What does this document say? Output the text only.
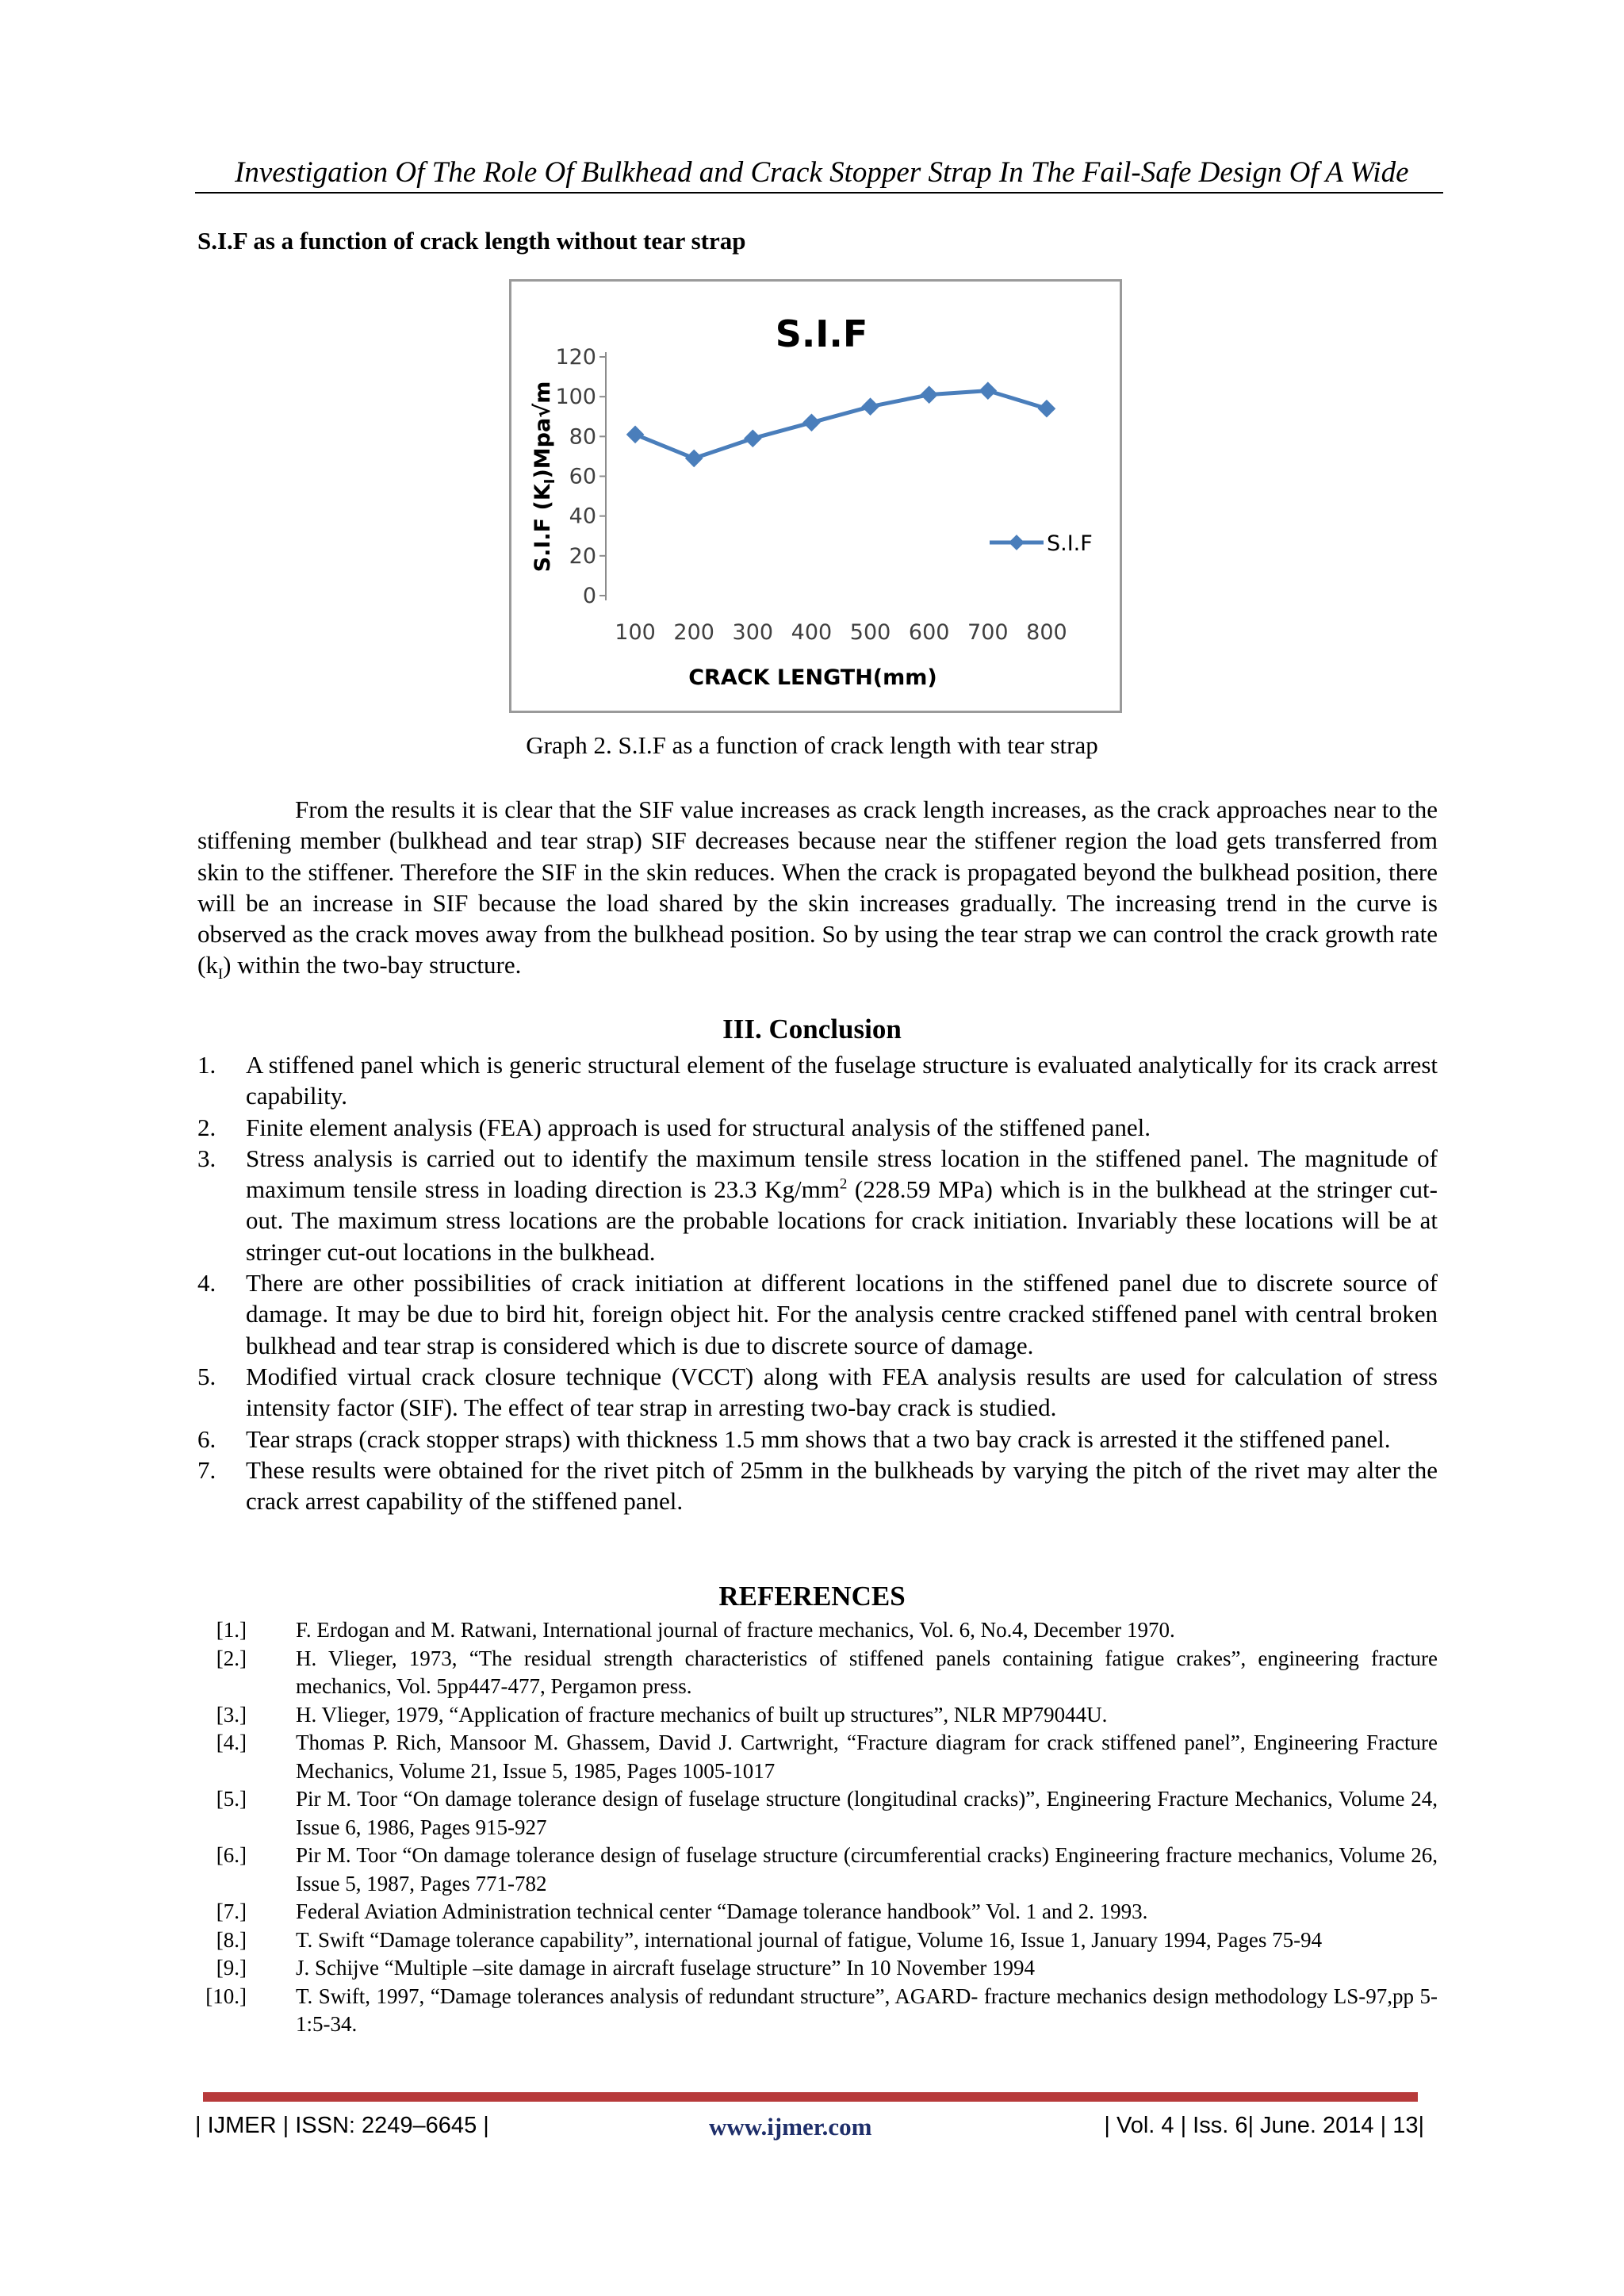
Investigation Of The Role Of Bulkhead and Crack Stopper Strap In The Fail-Safe Design Of A Wide
S.I.F as a function of crack length without tear strap
S.I.F
0
20
40
60
80
100
120
100 200 300 400 500 600 700 800
CRACK LENGTH(mm)
S.I.F $(K_I)Mpa√m$
S.I.F
Graph 2. S.I.F as a function of crack length with tear strap
From the results it is clear that the SIF value increases as crack length increases, as the crack approaches near to the stiffening member (bulkhead and tear strap) SIF decreases because near the stiffener region the load gets transferred from skin to the stiffener. Therefore the SIF in the skin reduces. When the crack is propagated beyond the bulkhead position, there will be an increase in SIF because the load shared by the skin increases gradually. The increasing trend in the curve is observed as the crack moves away from the bulkhead position. So by using the tear strap we can control the crack growth rate $(k_I)$ within the two-bay structure.
III. Conclusion
1. A stiffened panel which is generic structural element of the fuselage structure is evaluated analytically for its crack arrest capability.
2. Finite element analysis (FEA) approach is used for structural analysis of the stiffened panel.
3. Stress analysis is carried out to identify the maximum tensile stress location in the stiffened panel. The magnitude of maximum tensile stress in loading direction is 23.3 $Kg/mm^2$ (228.59 MPa) which is in the bulkhead at the stringer cut-out. The maximum stress locations are the probable locations for crack initiation. Invariably these locations will be at stringer cut-out locations in the bulkhead.
4. There are other possibilities of crack initiation at different locations in the stiffened panel due to discrete source of damage. It may be due to bird hit, foreign object hit. For the analysis centre cracked stiffened panel with central broken bulkhead and tear strap is considered which is due to discrete source of damage.
5. Modified virtual crack closure technique (VCCT) along with FEA analysis results are used for calculation of stress intensity factor (SIF). The effect of tear strap in arresting two-bay crack is studied.
6. Tear straps (crack stopper straps) with thickness 1.5 mm shows that a two bay crack is arrested it the stiffened panel.
7. These results were obtained for the rivet pitch of 25mm in the bulkheads by varying the pitch of the rivet may alter the crack arrest capability of the stiffened panel.
REFERENCES
[1.] F. Erdogan and M. Ratwani, International journal of fracture mechanics, Vol. 6, No.4, December 1970.
[2.] H. Vlieger, 1973, “The residual strength characteristics of stiffened panels containing fatigue crakes”, engineering fracture mechanics, Vol. 5pp447-477, Pergamon press.
[3.] H. Vlieger, 1979, “Application of fracture mechanics of built up structures”, NLR MP79044U.
[4.] Thomas P. Rich, Mansoor M. Ghassem, David J. Cartwright, “Fracture diagram for crack stiffened panel”, Engineering Fracture Mechanics, Volume 21, Issue 5, 1985, Pages 1005-1017
[5.] Pir M. Toor “On damage tolerance design of fuselage structure (longitudinal cracks)”, Engineering Fracture Mechanics, Volume 24, Issue 6, 1986, Pages 915-927
[6.] Pir M. Toor “On damage tolerance design of fuselage structure (circumferential cracks) Engineering fracture mechanics, Volume 26, Issue 5, 1987, Pages 771-782
[7.] Federal Aviation Administration technical center “Damage tolerance handbook” Vol. 1 and 2. 1993.
[8.] T. Swift “Damage tolerance capability”, international journal of fatigue, Volume 16, Issue 1, January 1994, Pages 75-94
[9.] J. Schijve “Multiple –site damage in aircraft fuselage structure” In 10 November 1994
[10.] T. Swift, 1997, “Damage tolerances analysis of redundant structure”, AGARD- fracture mechanics design methodology LS-97,pp 5-1:5-34.
| IJMER | ISSN: 2249–6645 |	www.ijmer.com	| Vol. 4 | Iss. 6| June. 2014 | 13|
